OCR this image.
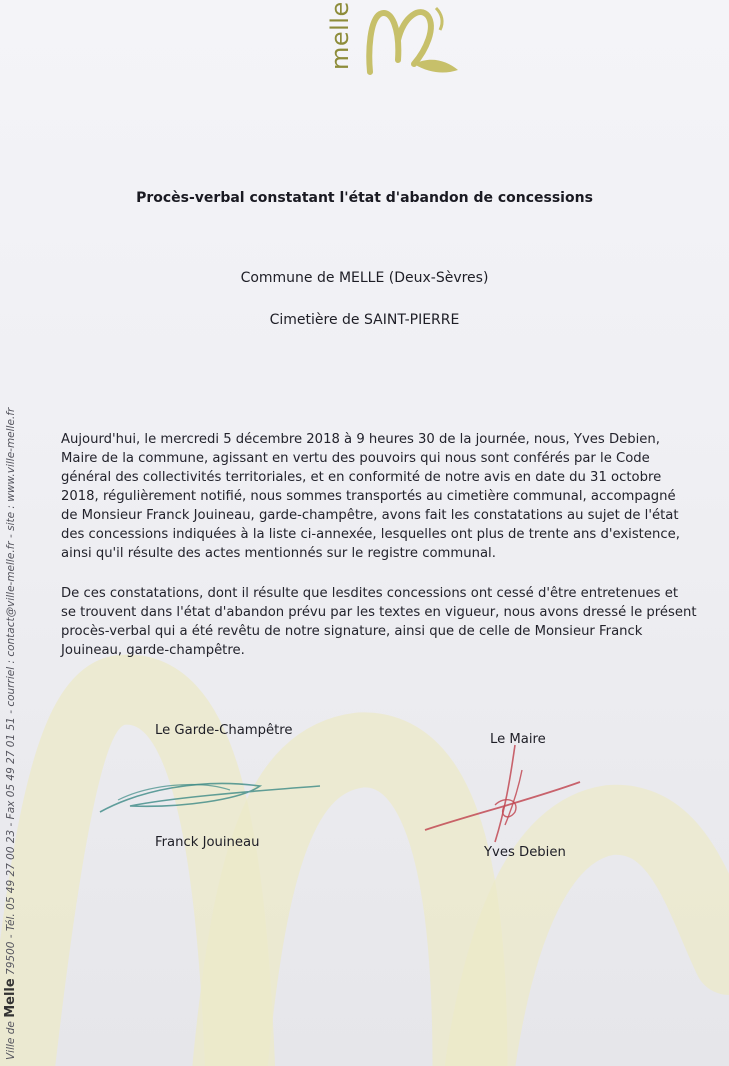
melle
Ville de Melle 79500 - Tél. 05 49 27 00 23 - Fax 05 49 27 01 51 - courriel : contact@ville-melle.fr - site : www.ville-melle.fr
Procès-verbal constatant l'état d'abandon de concessions
Commune de MELLE (Deux-Sèvres)
Cimetière de SAINT-PIERRE
Aujourd'hui, le mercredi 5 décembre 2018 à 9 heures 30 de la journée, nous, Yves Debien,
Maire de la commune, agissant en vertu des pouvoirs qui nous sont conférés par le Code
général des collectivités territoriales, et en conformité de notre avis en date du 31 octobre
2018, régulièrement notifié, nous sommes transportés au cimetière communal, accompagné
de Monsieur Franck Jouineau, garde-champêtre, avons fait les constatations au sujet de l'état
des concessions indiquées à la liste ci-annexée, lesquelles ont plus de trente ans d'existence,
ainsi qu'il résulte des actes mentionnés sur le registre communal.
De ces constatations, dont il résulte que lesdites concessions ont cessé d'être entretenues et
se trouvent dans l'état d'abandon prévu par les textes en vigueur, nous avons dressé le présent
procès-verbal qui a été revêtu de notre signature, ainsi que de celle de Monsieur Franck
Jouineau, garde-champêtre.
Le Garde-Champêtre
Le Maire
Franck Jouineau
Yves Debien
